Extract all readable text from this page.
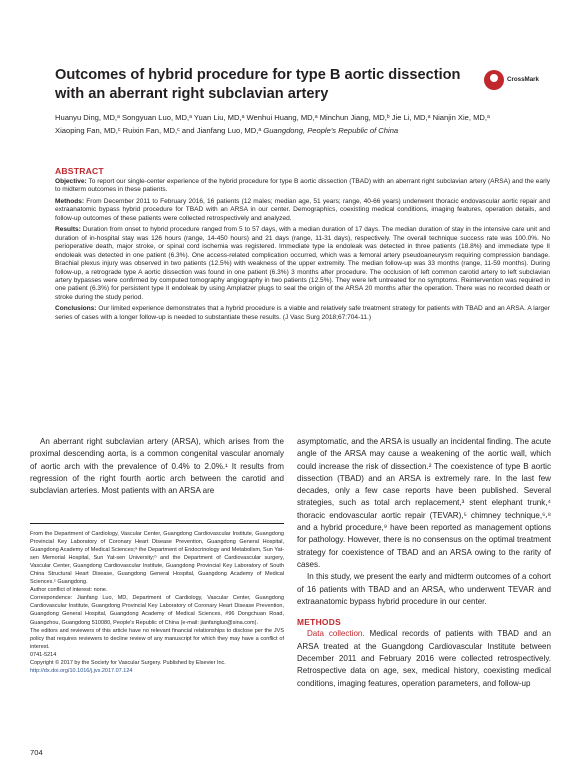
Outcomes of hybrid procedure for type B aortic dissection with an aberrant right subclavian artery
CrossMark
Huanyu Ding, MD,ᵃ Songyuan Luo, MD,ᵃ Yuan Liu, MD,ᵃ Wenhui Huang, MD,ᵃ Minchun Jiang, MD,ᵇ Jie Li, MD,ᵃ Nianjin Xie, MD,ᵃ Xiaoping Fan, MD,ᶜ Ruixin Fan, MD,ᶜ and Jianfang Luo, MD,ᵃ Guangdong, People's Republic of China
ABSTRACT

Objective: To report our single-center experience of the hybrid procedure for type B aortic dissection (TBAD) with an aberrant right subclavian artery (ARSA) and the early to midterm outcomes in these patients.

Methods: From December 2011 to February 2016, 16 patients (12 males; median age, 51 years; range, 40-66 years) underwent thoracic endovascular aortic repair and extraanatomic bypass hybrid procedure for TBAD with an ARSA in our center. Demographics, coexisting medical conditions, imaging features, operation details, and follow-up outcomes of these patients were collected retrospectively and analyzed.

Results: Duration from onset to hybrid procedure ranged from 5 to 57 days, with a median duration of 17 days. The median duration of stay in the intensive care unit and duration of in-hospital stay was 126 hours (range, 14-450 hours) and 21 days (range, 11-31 days), respectively. The overall technique success rate was 100.0%. No perioperative death, major stroke, or spinal cord ischemia was registered. Immediate type Ia endoleak was detected in three patients (18.8%) and immediate type II endoleak was detected in one patient (6.3%). One access-related complication occurred, which was a femoral artery pseudoaneurysm requiring compression bandage. Brachial plexus injury was observed in two patients (12.5%) with weakness of the upper extremity. The median follow-up was 33 months (range, 11-59 months). During follow-up, a retrograde type A aortic dissection was found in one patient (6.3%) 3 months after procedure. The occlusion of left common carotid artery to left subclavian artery bypasses were confirmed by computed tomography angiography in two patients (12.5%). They were left untreated for no symptoms. Reintervention was required in one patient (6.3%) for persistent type II endoleak by using Amplatzer plugs to seal the origin of the ARSA 20 months after the operation. There was no recorded death or stroke during the study period.

Conclusions: Our limited experience demonstrates that a hybrid procedure is a viable and relatively safe treatment strategy for patients with TBAD and an ARSA. A larger series of cases with a longer follow-up is needed to substantiate these results. (J Vasc Surg 2018;67:704-11.)

An aberrant right subclavian artery (ARSA), which arises from the proximal descending aorta, is a common congenital vascular anomaly of aortic arch with the prevalence of 0.4% to 2.0%.¹ It results from regression of the right fourth aortic arch between the carotid and subclavian arteries. Most patients with an ARSA are

From the Department of Cardiology, Vascular Center, Guangdong Cardiovascular Institute, Guangdong Provincial Key Laboratory of Coronary Heart Disease Prevention, Guangdong General Hospital, Guangdong Academy of Medical Sciences;ᵃ the Department of Endocrinology and Metabolism, Sun Yat-sen Memorial Hospital, Sun Yat-sen University;ᵇ and the Department of Cardiovascular surgery, Vascular Center, Guangdong Cardiovascular Institute, Guangdong Provincial Key Laboratory of South China Structural Heart Disease, Guangdong General Hospital, Guangdong Academy of Medical Sciences.ᶜ Guangdong.

Author conflict of interest: none.

Correspondence: Jianfang Luo, MD, Department of Cardiology, Vascular Center, Guangdong Cardiovascular Institute, Guangdong Provincial Key Laboratory of Coronary Heart Disease Prevention, Guangdong General Hospital, Guangdong Academy of Medical Sciences, #96 Dongchuan Road, Guangzhou, Guangdong 510080, People's Republic of China (e-mail: jianfangluo@sina.com).

The editors and reviewers of this article have no relevant financial relationships to disclose per the JVS policy that requires reviewers to decline review of any manuscript for which they may have a conflict of interest.

0741-5214

Copyright © 2017 by the Society for Vascular Surgery. Published by Elsevier Inc.

http://dx.doi.org/10.1016/j.jvs.2017.07.124

asymptomatic, and the ARSA is usually an incidental finding. The acute angle of the ARSA may cause a weakening of the aortic wall, which could increase the risk of dissection.² The coexistence of type B aortic dissection (TBAD) and an ARSA is extremely rare. In the last few decades, only a few case reports have been published. Several strategies, such as total arch replacement,³ stent elephant trunk,⁴ thoracic endovascular aortic repair (TEVAR),⁵ chimney technique,⁶⸴⁸ and a hybrid procedure,⁹ have been reported as management options for pathology. However, there is no consensus on the optimal treatment strategy for coexistence of TBAD and an ARSA owing to the rarity of cases.

In this study, we present the early and midterm outcomes of a cohort of 16 patients with TBAD and an ARSA, who underwent TEVAR and extraanatomic bypass hybrid procedure in our center.

METHODS

Data collection. Medical records of patients with TBAD and an ARSA treated at the Guangdong Cardiovascular Institute between December 2011 and February 2016 were collected retrospectively. Retrospective data on age, sex, medical history, coexisting medical conditions, imaging features, operation parameters, and follow-up

704
